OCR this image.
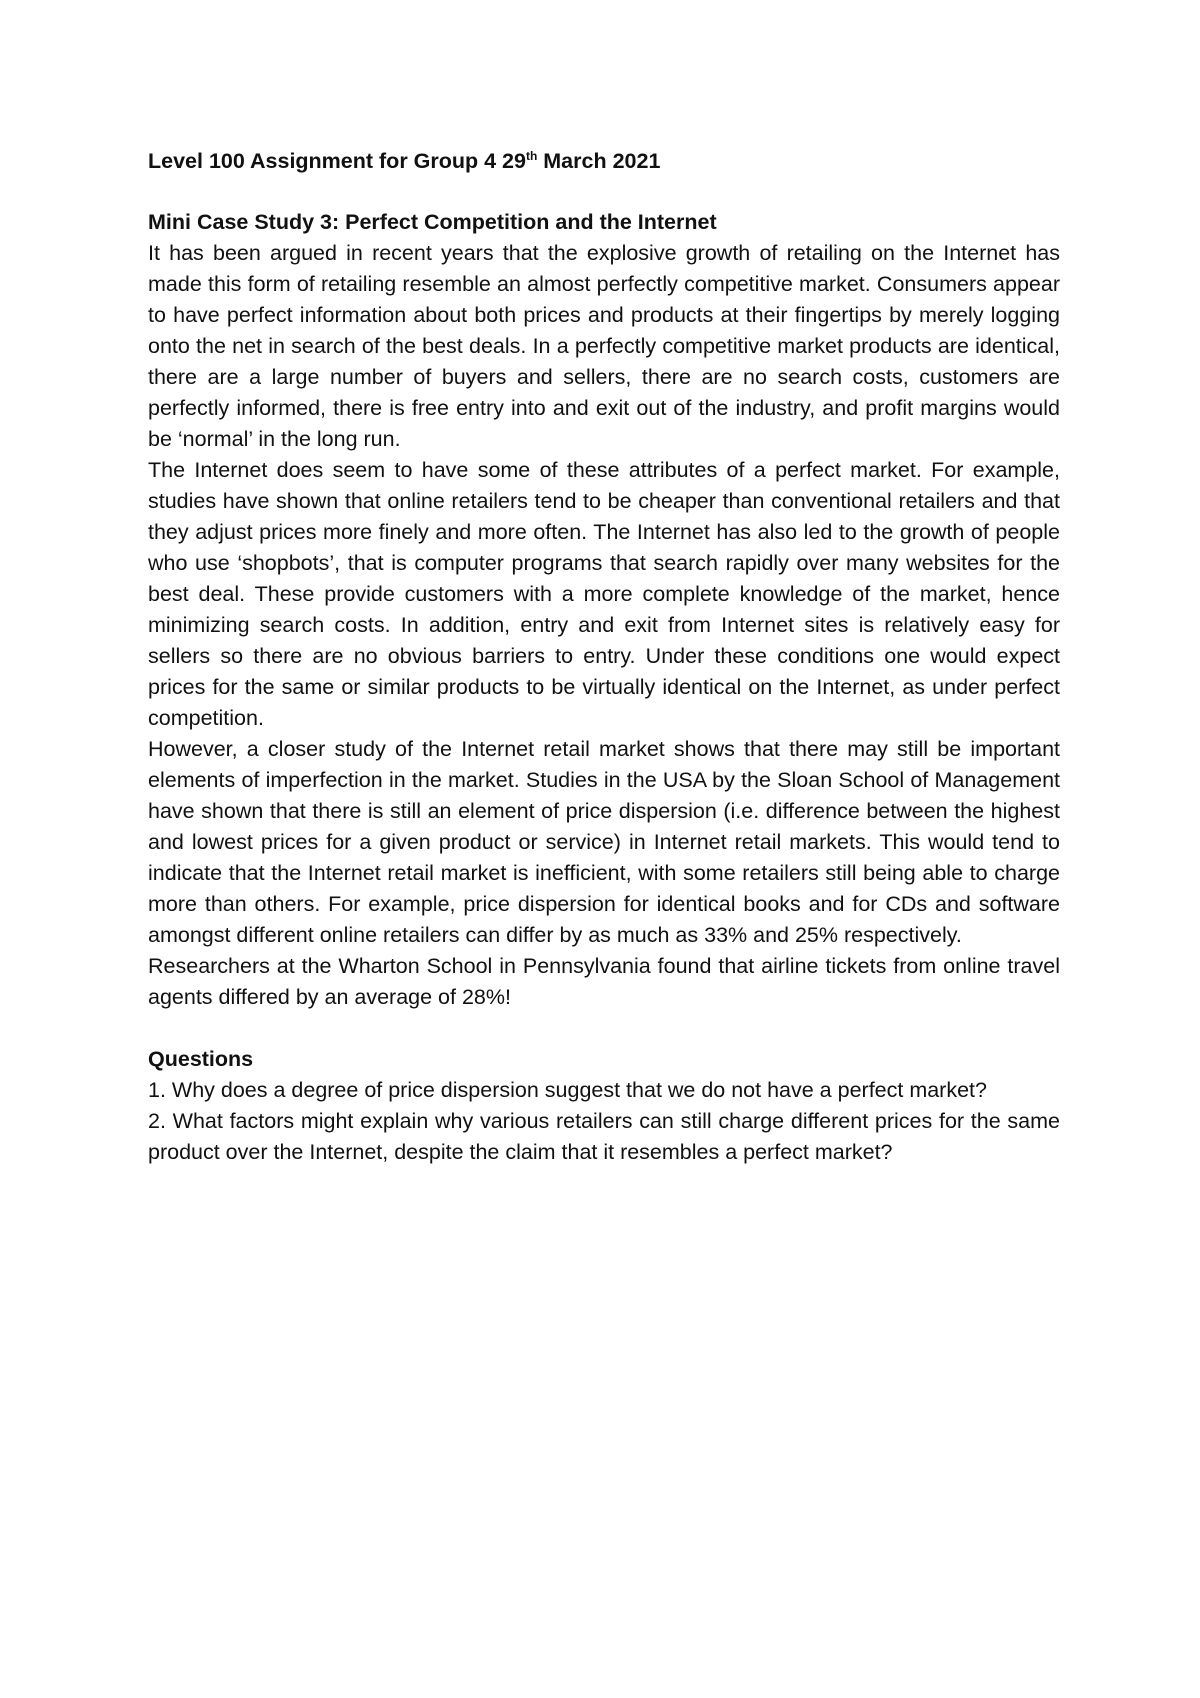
Level 100 Assignment for Group 4 29th March 2021

Mini Case Study 3: Perfect Competition and the Internet

It has been argued in recent years that the explosive growth of retailing on the Internet has made this form of retailing resemble an almost perfectly competitive market. Consumers appear to have perfect information about both prices and products at their fingertips by merely logging onto the net in search of the best deals. In a perfectly competitive market products are identical, there are a large number of buyers and sellers, there are no search costs, customers are perfectly informed, there is free entry into and exit out of the industry, and profit margins would be ‘normal’ in the long run.

The Internet does seem to have some of these attributes of a perfect market. For example, studies have shown that online retailers tend to be cheaper than conventional retailers and that they adjust prices more finely and more often. The Internet has also led to the growth of people who use ‘shopbots’, that is computer programs that search rapidly over many websites for the best deal. These provide customers with a more complete knowledge of the market, hence minimizing search costs. In addition, entry and exit from Internet sites is relatively easy for sellers so there are no obvious barriers to entry. Under these conditions one would expect prices for the same or similar products to be virtually identical on the Internet, as under perfect competition.

However, a closer study of the Internet retail market shows that there may still be important elements of imperfection in the market. Studies in the USA by the Sloan School of Management have shown that there is still an element of price dispersion (i.e. difference between the highest and lowest prices for a given product or service) in Internet retail markets. This would tend to indicate that the Internet retail market is inefficient, with some retailers still being able to charge more than others. For example, price dispersion for identical books and for CDs and software amongst different online retailers can differ by as much as 33% and 25% respectively.

Researchers at the Wharton School in Pennsylvania found that airline tickets from online travel agents differed by an average of 28%!

Questions

1. Why does a degree of price dispersion suggest that we do not have a perfect market?

2. What factors might explain why various retailers can still charge different prices for the same product over the Internet, despite the claim that it resembles a perfect market?
